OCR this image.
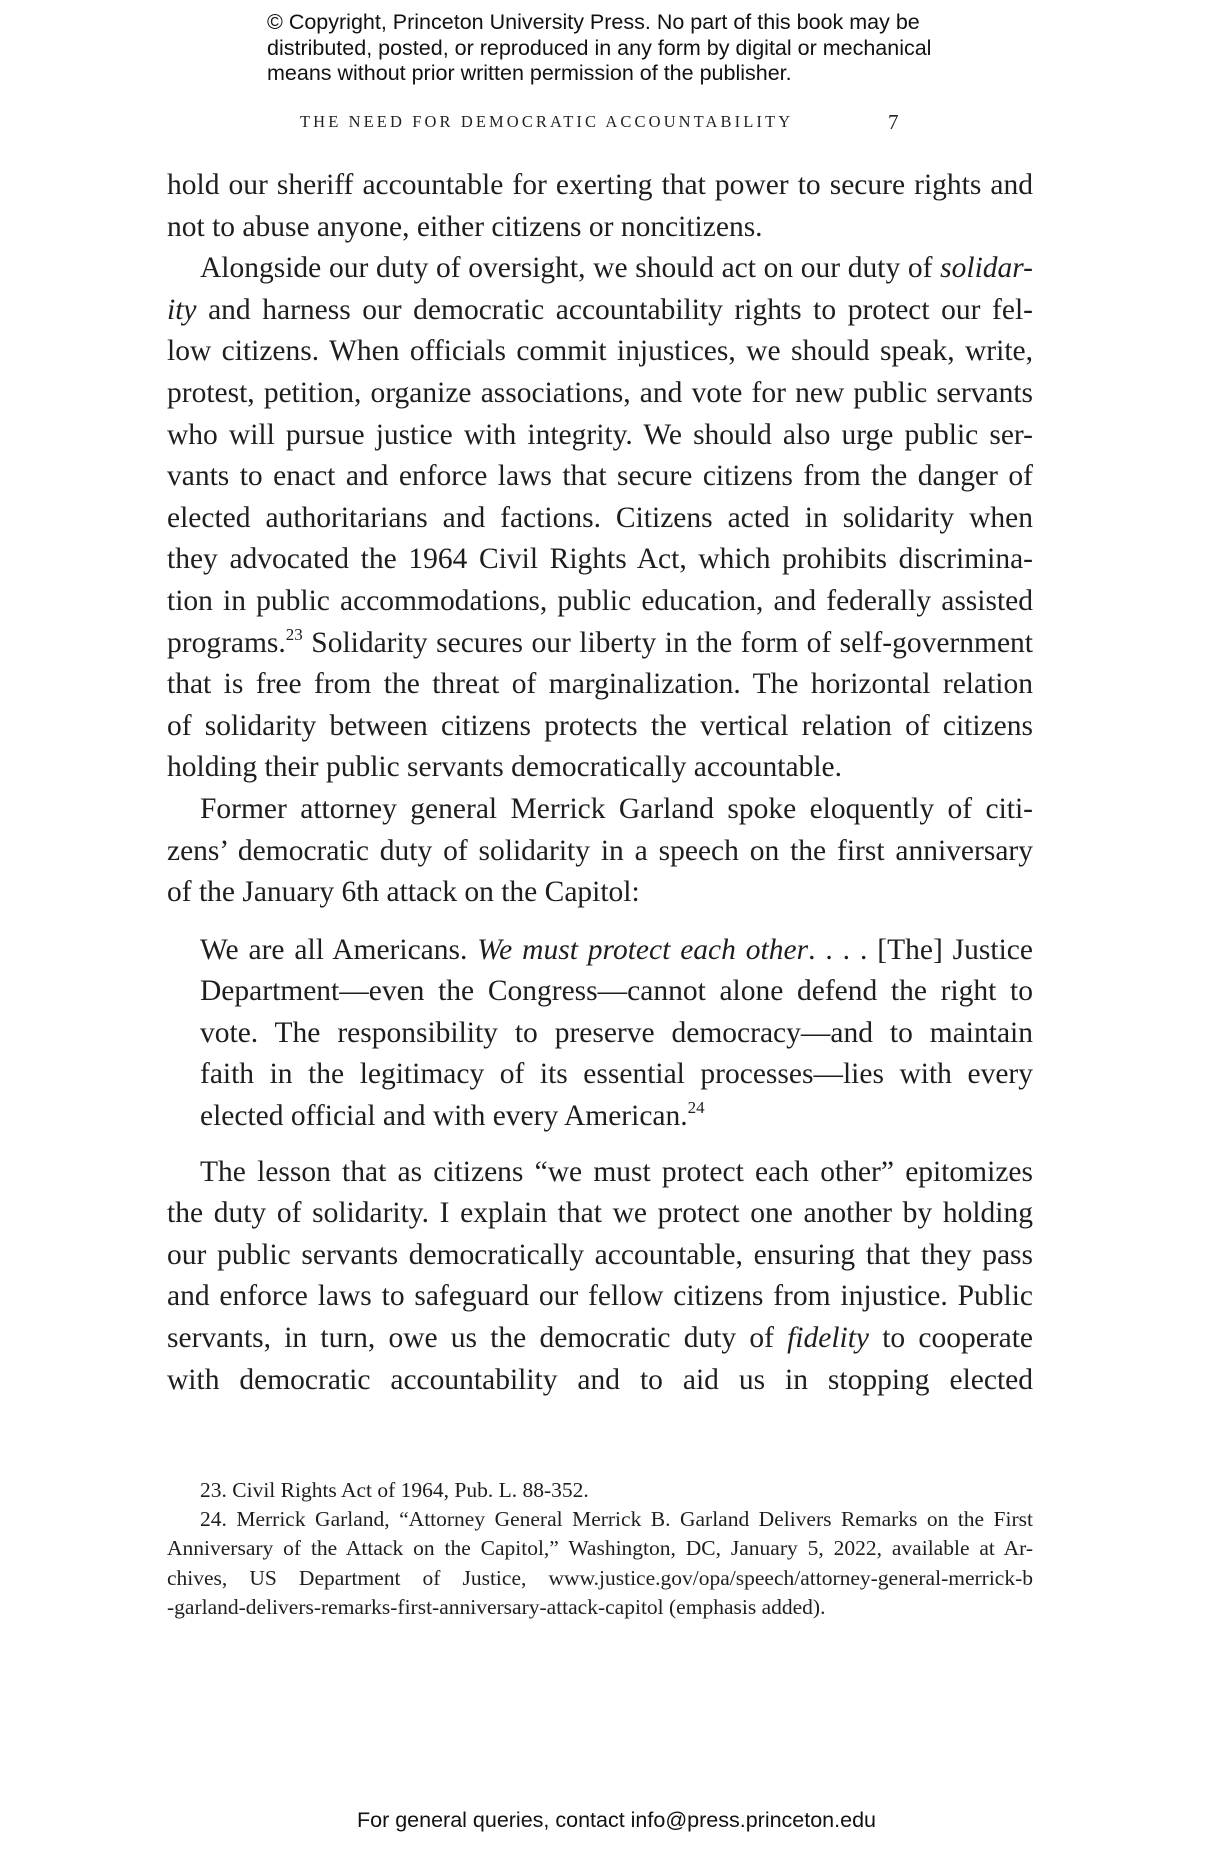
© Copyright, Princeton University Press. No part of this book may be
distributed, posted, or reproduced in any form by digital or mechanical
means without prior written permission of the publisher.
THE NEED FOR DEMOCRATIC ACCOUNTABILITY	7
hold our sheriff accountable for exerting that power to secure rights and
not to abuse anyone, either citizens or noncitizens.
Alongside our duty of oversight, we should act on our duty of solidar-
ity and harness our democratic accountability rights to protect our fel-
low citizens. When officials commit injustices, we should speak, write,
protest, petition, organize associations, and vote for new public servants
who will pursue justice with integrity. We should also urge public ser-
vants to enact and enforce laws that secure citizens from the danger of
elected authoritarians and factions. Citizens acted in solidarity when
they advocated the 1964 Civil Rights Act, which prohibits discrimina-
tion in public accommodations, public education, and federally assisted
programs.$^{23}$ Solidarity secures our liberty in the form of self-government
that is free from the threat of marginalization. The horizontal relation
of solidarity between citizens protects the vertical relation of citizens
holding their public servants democratically accountable.
Former attorney general Merrick Garland spoke eloquently of citi-
zens’ democratic duty of solidarity in a speech on the first anniversary
of the January 6th attack on the Capitol:
We are all Americans. We must protect each other. . . . [The] Justice
Department—even the Congress—cannot alone defend the right to
vote. The responsibility to preserve democracy—and to maintain
faith in the legitimacy of its essential processes—lies with every
elected official and with every American.$^{24}$
The lesson that as citizens “we must protect each other” epitomizes
the duty of solidarity. I explain that we protect one another by holding
our public servants democratically accountable, ensuring that they pass
and enforce laws to safeguard our fellow citizens from injustice. Public
servants, in turn, owe us the democratic duty of fidelity to cooperate
with democratic accountability and to aid us in stopping elected
23. Civil Rights Act of 1964, Pub. L. 88-352.
24. Merrick Garland, “Attorney General Merrick B. Garland Delivers Remarks on the First
Anniversary of the Attack on the Capitol,” Washington, DC, January 5, 2022, available at Ar-
chives, US Department of Justice, www.justice.gov/opa/speech/attorney-general-merrick-b
-garland-delivers-remarks-first-anniversary-attack-capitol (emphasis added).
For general queries, contact info@press.princeton.edu
